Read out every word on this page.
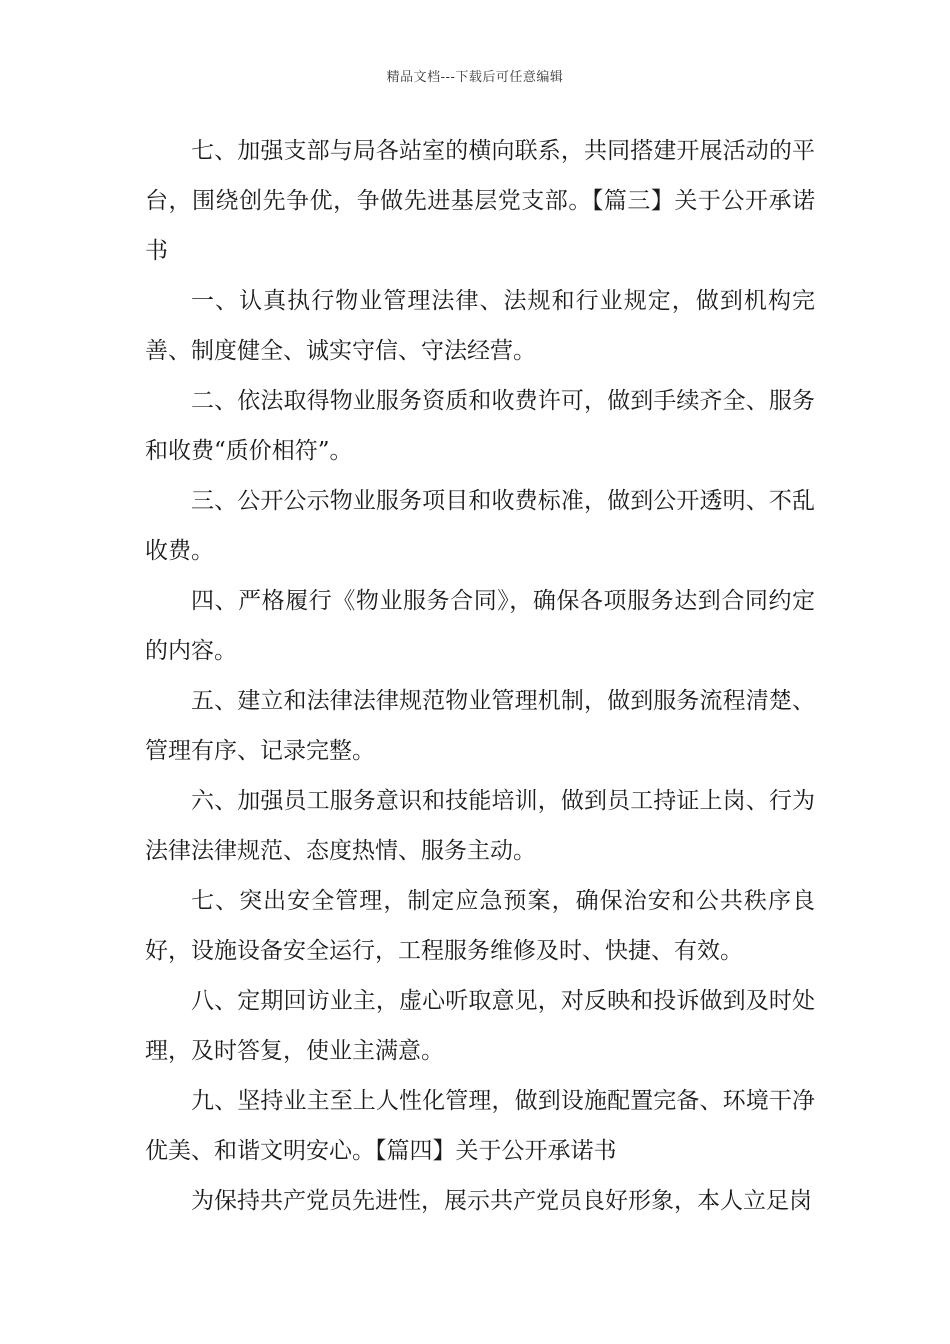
精品文档---下载后可任意编辑

七、加强支部与局各站室的横向联系，共同搭建开展活动的平台，围绕创先争优，争做先进基层党支部。【篇三】关于公开承诺书

一、认真执行物业管理法律、法规和行业规定，做到机构完善、制度健全、诚实守信、守法经营。

二、依法取得物业服务资质和收费许可，做到手续齐全、服务和收费“质价相符”。

三、公开公示物业服务项目和收费标准，做到公开透明、不乱收费。

四、严格履行《物业服务合同》，确保各项服务达到合同约定的内容。

五、建立和法律法律规范物业管理机制，做到服务流程清楚、管理有序、记录完整。

六、加强员工服务意识和技能培训，做到员工持证上岗、行为法律法律规范、态度热情、服务主动。

七、突出安全管理，制定应急预案，确保治安和公共秩序良好，设施设备安全运行，工程服务维修及时、快捷、有效。

八、定期回访业主，虚心听取意见，对反映和投诉做到及时处理，及时答复，使业主满意。

九、坚持业主至上人性化管理，做到设施配置完备、环境干净优美、和谐文明安心。【篇四】关于公开承诺书

为保持共产党员先进性，展示共产党员良好形象，本人立足岗
